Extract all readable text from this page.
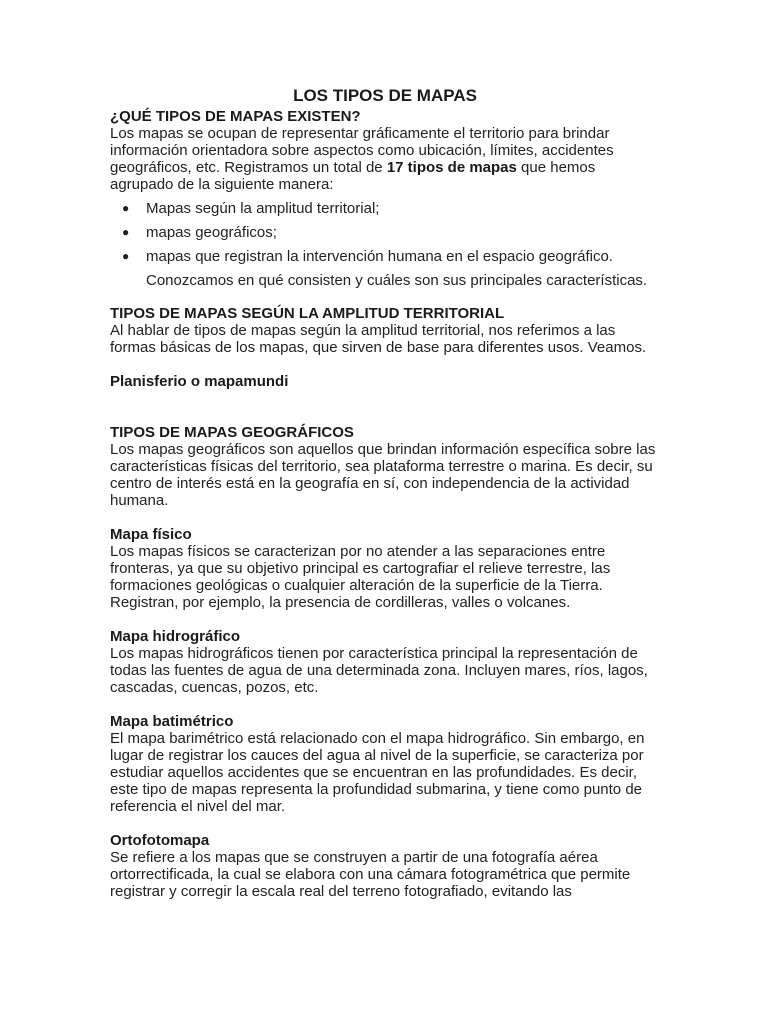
LOS TIPOS DE MAPAS
¿QUÉ TIPOS DE MAPAS EXISTEN?
Los mapas se ocupan de representar gráficamente el territorio para brindar información orientadora sobre aspectos como ubicación, límites, accidentes geográficos, etc. Registramos un total de 17 tipos de mapas que hemos agrupado de la siguiente manera:
● Mapas según la amplitud territorial;
● mapas geográficos;
● mapas que registran la intervención humana en el espacio geográfico.
Conozcamos en qué consisten y cuáles son sus principales características.
TIPOS DE MAPAS SEGÚN LA AMPLITUD TERRITORIAL
Al hablar de tipos de mapas según la amplitud territorial, nos referimos a las formas básicas de los mapas, que sirven de base para diferentes usos. Veamos.
Planisferio o mapamundi
TIPOS DE MAPAS GEOGRÁFICOS
Los mapas geográficos son aquellos que brindan información específica sobre las características físicas del territorio, sea plataforma terrestre o marina. Es decir, su centro de interés está en la geografía en sí, con independencia de la actividad humana.
Mapa físico
Los mapas físicos se caracterizan por no atender a las separaciones entre fronteras, ya que su objetivo principal es cartografiar el relieve terrestre, las formaciones geológicas o cualquier alteración de la superficie de la Tierra. Registran, por ejemplo, la presencia de cordilleras, valles o volcanes.
Mapa hidrográfico
Los mapas hidrográficos tienen por característica principal la representación de todas las fuentes de agua de una determinada zona. Incluyen mares, ríos, lagos, cascadas, cuencas, pozos, etc.
Mapa batimétrico
El mapa barimétrico está relacionado con el mapa hidrográfico. Sin embargo, en lugar de registrar los cauces del agua al nivel de la superficie, se caracteriza por estudiar aquellos accidentes que se encuentran en las profundidades. Es decir, este tipo de mapas representa la profundidad submarina, y tiene como punto de referencia el nivel del mar.
Ortofotomapa
Se refiere a los mapas que se construyen a partir de una fotografía aérea ortorrectificada, la cual se elabora con una cámara fotogramétrica que permite registrar y corregir la escala real del terreno fotografiado, evitando las
